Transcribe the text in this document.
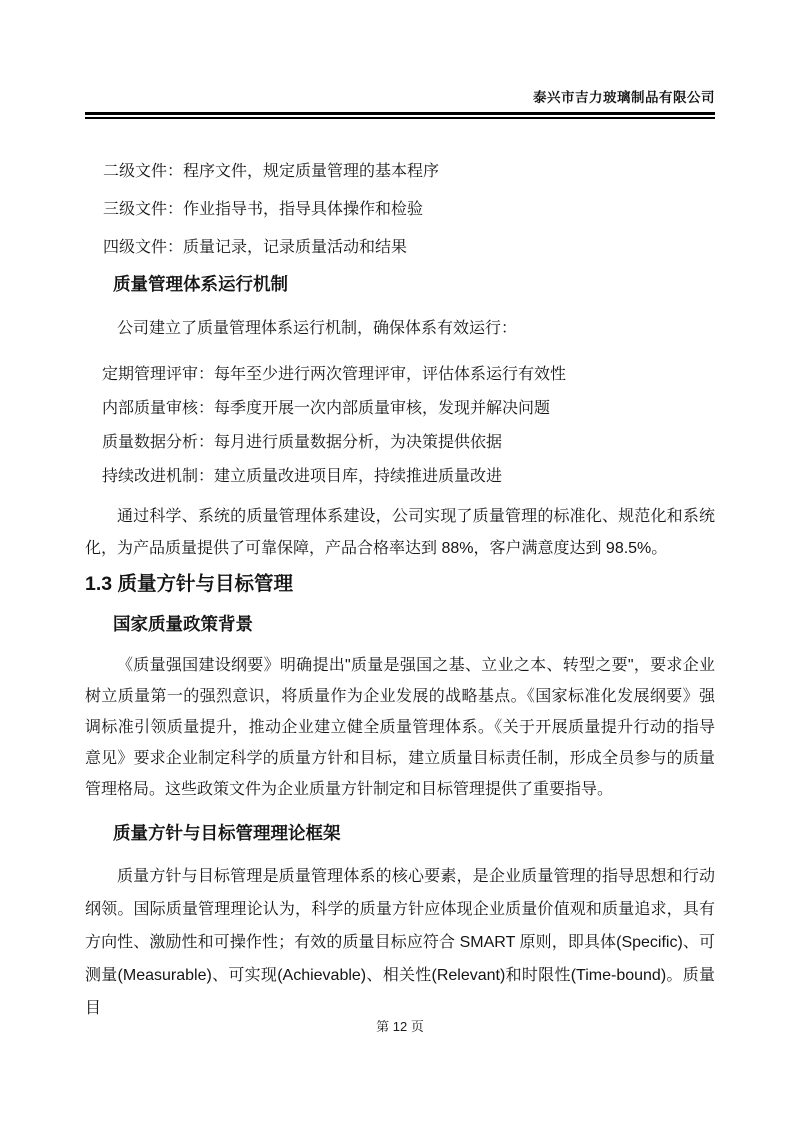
泰兴市吉力玻璃制品有限公司
二级文件：程序文件，规定质量管理的基本程序
三级文件：作业指导书，指导具体操作和检验
四级文件：质量记录，记录质量活动和结果
质量管理体系运行机制

公司建立了质量管理体系运行机制，确保体系有效运行：

定期管理评审：每年至少进行两次管理评审，评估体系运行有效性
内部质量审核：每季度开展一次内部质量审核，发现并解决问题
质量数据分析：每月进行质量数据分析，为决策提供依据
持续改进机制：建立质量改进项目库，持续推进质量改进

通过科学、系统的质量管理体系建设，公司实现了质量管理的标准化、规范化和系统化，为产品质量提供了可靠保障，产品合格率达到 88%，客户满意度达到 98.5%。

1.3 质量方针与目标管理
国家质量政策背景

《质量强国建设纲要》明确提出"质量是强国之基、立业之本、转型之要"，要求企业树立质量第一的强烈意识，将质量作为企业发展的战略基点。《国家标准化发展纲要》强调标准引领质量提升，推动企业建立健全质量管理体系。《关于开展质量提升行动的指导意见》要求企业制定科学的质量方针和目标，建立质量目标责任制，形成全员参与的质量管理格局。这些政策文件为企业质量方针制定和目标管理提供了重要指导。

质量方针与目标管理理论框架

质量方针与目标管理是质量管理体系的核心要素，是企业质量管理的指导思想和行动纲领。国际质量管理理论认为，科学的质量方针应体现企业质量价值观和质量追求，具有方向性、激励性和可操作性；有效的质量目标应符合 SMART 原则，即具体(Specific)、可测量(Measurable)、可实现(Achievable)、相关性(Relevant)和时限性(Time-bound)。质量目

第 12 页
